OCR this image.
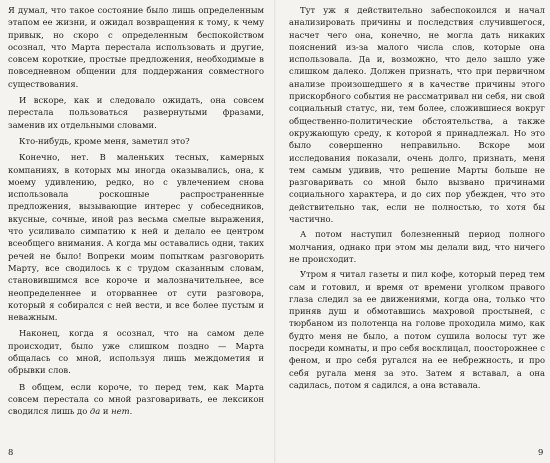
Я думал, что такое состояние было лишь определенным этапом ее жизни, и ожидал возвращения к тому, к чему привык, но скоро с определенным беспокойством осознал, что Марта перестала использовать и другие, совсем короткие, простые предложения, необходимые в повседневном общении для поддержания совместного существования.

И вскоре, как и следовало ожидать, она совсем перестала пользоваться развернутыми фразами, заменив их отдельными словами.

Кто-нибудь, кроме меня, заметил это?

Конечно, нет. В маленьких тесных, камерных компаниях, в которых мы иногда оказывались, она, к моему удивлению, редко, но с увлечением снова использовала роскошные распространенные предложения, вызывающие интерес у собеседников, вкусные, сочные, иной раз весьма смелые выражения, что усиливало симпатию к ней и делало ее центром всеобщего внимания. А когда мы оставались одни, таких речей не было! Вопреки моим попыткам разговорить Марту, все сводилось к с трудом сказанным словам, становившимся все короче и малозначительнее, все неопределеннее и оторваннее от сути разговора, который я собирался с ней вести, и все более пустым и неважным.

Наконец, когда я осознал, что на самом деле происходит, было уже слишком поздно — Марта общалась со мной, используя лишь междометия и обрывки слов.

В общем, если короче, то перед тем, как Марта совсем перестала со мной разговаривать, ее лексикон сводился лишь до да и нет.

8

Тут уж я действительно забеспокоился и начал анализировать причины и последствия случившегося, насчет чего она, конечно, не могла дать никаких пояснений из-за малого числа слов, которые она использовала. Да и, возможно, что дело зашло уже слишком далеко. Должен признать, что при первичном анализе произошедшего я в качестве причины этого прискорбного события не рассматривал ни себя, ни свой социальный статус, ни, тем более, сложившиеся вокруг общественно-политические обстоятельства, а также окружающую среду, к которой я принадлежал. Но это было совершенно неправильно. Вскоре мои исследования показали, очень долго, признать, меня тем самым удивив, что решение Марты больше не разговаривать со мной было вызвано причинами социального характера, и до сих пор убежден, что это действительно так, если не полностью, то хотя бы частично.

А потом наступил болезненный период полного молчания, однако при этом мы делали вид, что ничего не происходит.

Утром я читал газеты и пил кофе, который перед тем сам и готовил, и время от времени уголком правого глаза следил за ее движениями, когда она, только что приняв душ и обмотавшись махровой простыней, с тюрбаном из полотенца на голове проходила мимо, как будто меня не было, а потом сушила волосы тут же посреди комнаты, и про себя восклицал, поосторожнее с феном, и про себя ругался на ее небрежность, и про себя ругала меня за это. Затем я вставал, а она садилась, потом я садился, а она вставала.

9
